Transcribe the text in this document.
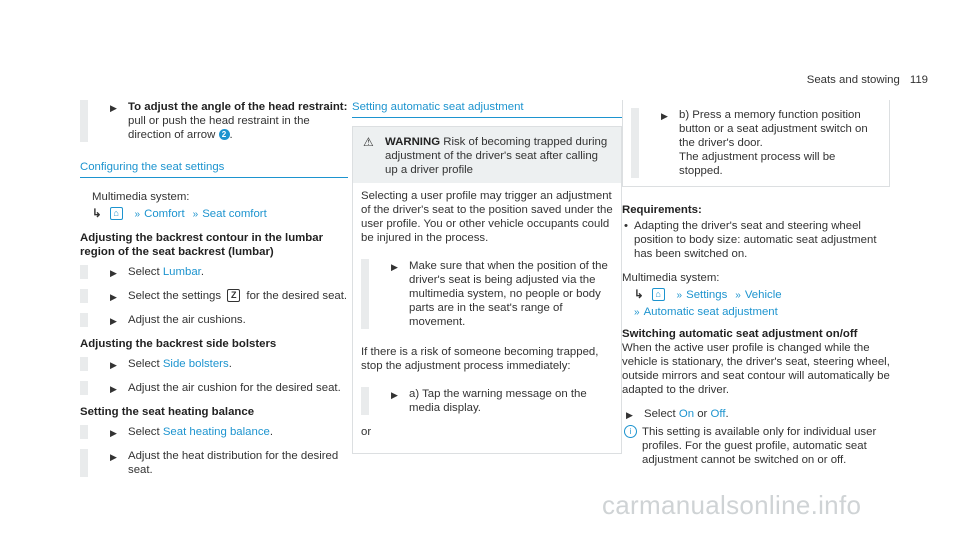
Seats and stowing 119
▶ To adjust the angle of the head restraint: pull or push the head restraint in the direction of arrow 2 .
Configuring the seat settings
Multimedia system:
↳ ⌂ » Comfort » Seat comfort
Adjusting the backrest contour in the lumbar region of the seat backrest (lumbar)
▶ Select Lumbar.
▶ Select the settings Z for the desired seat.
▶ Adjust the air cushions.
Adjusting the backrest side bolsters
▶ Select Side bolsters.
▶ Adjust the air cushion for the desired seat.
Setting the seat heating balance
▶ Select Seat heating balance.
▶ Adjust the heat distribution for the desired seat.
Setting automatic seat adjustment
⚠ WARNING Risk of becoming trapped during adjustment of the driver's seat after calling up a driver profile

Selecting a user profile may trigger an adjustment of the driver's seat to the position saved under the user profile. You or other vehicle occupants could be injured in the process.

▶ Make sure that when the position of the driver's seat is being adjusted via the multimedia system, no people or body parts are in the seat's range of movement.

If there is a risk of someone becoming trapped, stop the adjustment process immediately:

▶ a) Tap the warning message on the media display.

or

▶ b) Press a memory function position button or a seat adjustment switch on the driver's door.
The adjustment process will be stopped.
Requirements:
• Adapting the driver's seat and steering wheel position to body size: automatic seat adjustment has been switched on.
Multimedia system:
↳ ⌂ » Settings » Vehicle
» Automatic seat adjustment
Switching automatic seat adjustment on/off
When the active user profile is changed while the vehicle is stationary, the driver's seat, steering wheel, outside mirrors and seat contour will automatically be adapted to the driver.
▶ Select On or Off.
i This setting is available only for individual user profiles. For the guest profile, automatic seat adjustment cannot be switched on or off.
carmanualsonline.info
